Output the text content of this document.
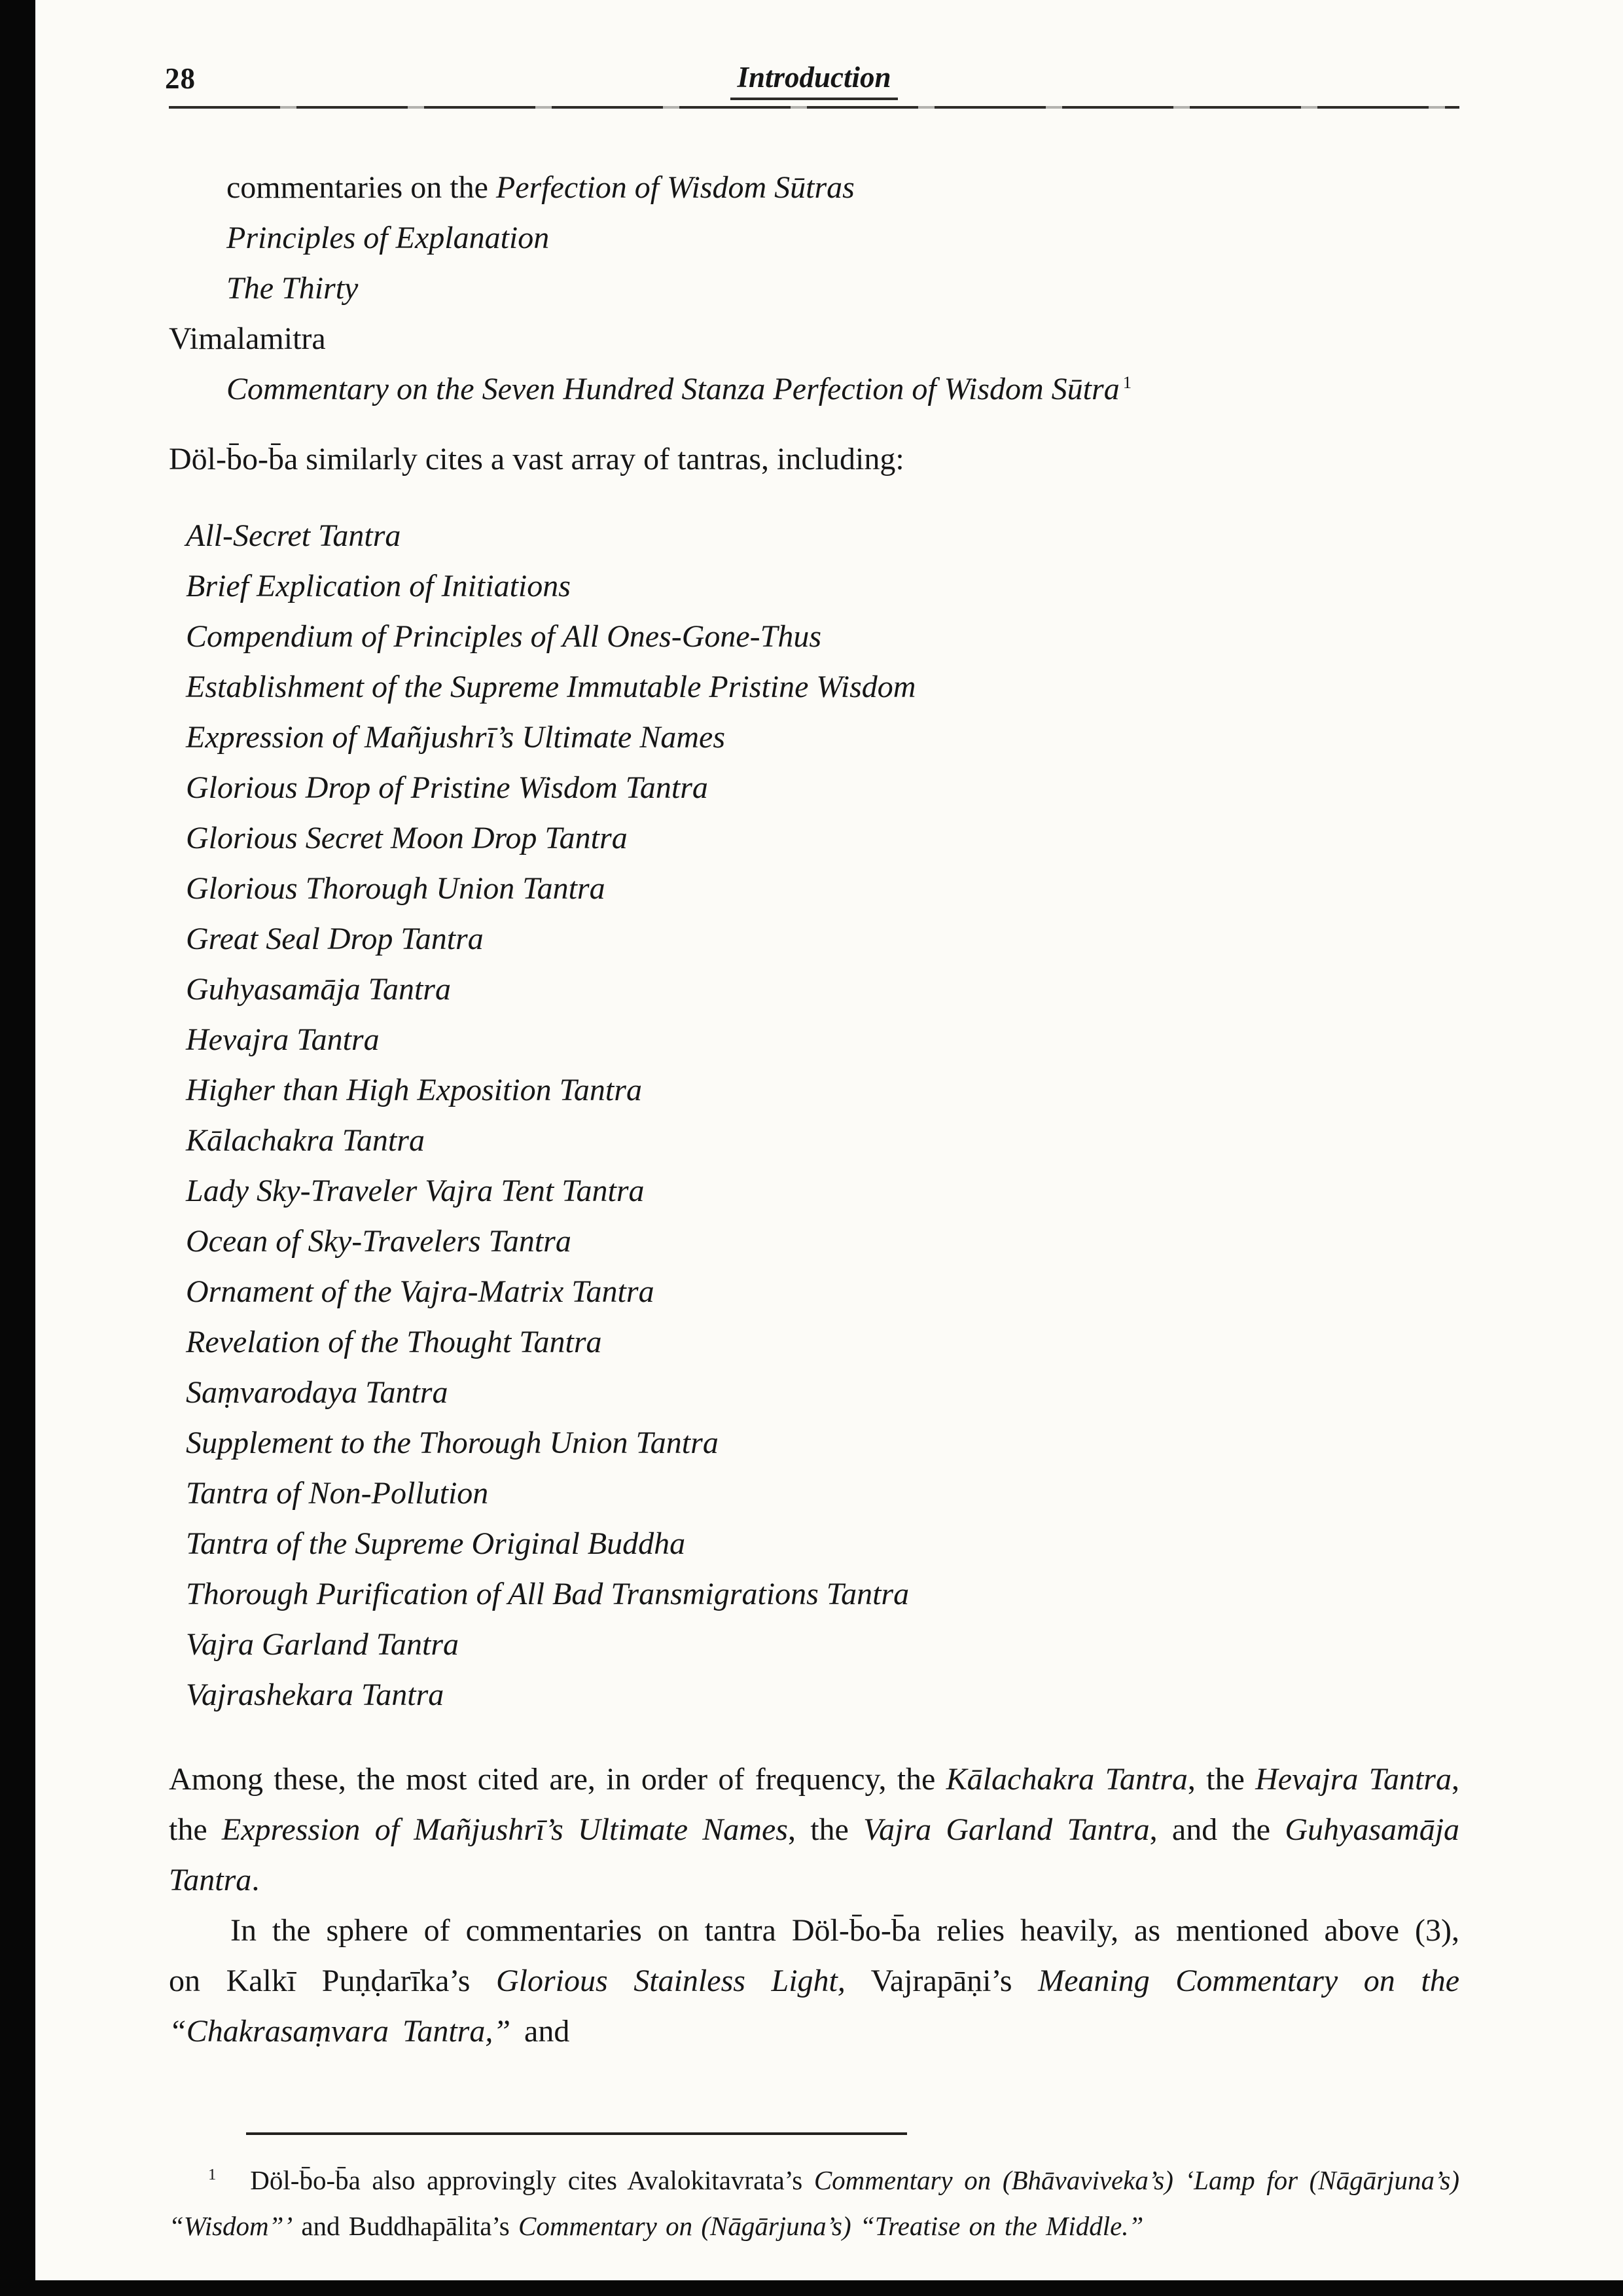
28	Introduction
commentaries on the Perfection of Wisdom Sūtras
Principles of Explanation
The Thirty
Vimalamitra
Commentary on the Seven Hundred Stanza Perfection of Wisdom Sūtra $^1$

Döl-b̄o-b̄a similarly cites a vast array of tantras, including:

All-Secret Tantra
Brief Explication of Initiations
Compendium of Principles of All Ones-Gone-Thus
Establishment of the Supreme Immutable Pristine Wisdom
Expression of Mañjushrī’s Ultimate Names
Glorious Drop of Pristine Wisdom Tantra
Glorious Secret Moon Drop Tantra
Glorious Thorough Union Tantra
Great Seal Drop Tantra
Guhyasamāja Tantra
Hevajra Tantra
Higher than High Exposition Tantra
Kālachakra Tantra
Lady Sky-Traveler Vajra Tent Tantra
Ocean of Sky-Travelers Tantra
Ornament of the Vajra-Matrix Tantra
Revelation of the Thought Tantra
Saṃvarodaya Tantra
Supplement to the Thorough Union Tantra
Tantra of Non-Pollution
Tantra of the Supreme Original Buddha
Thorough Purification of All Bad Transmigrations Tantra
Vajra Garland Tantra
Vajrashekara Tantra

Among these, the most cited are, in order of frequency, the Kālachakra Tantra, the Hevajra Tantra, the Expression of Mañjushrī’s Ultimate Names, the Vajra Garland Tantra, and the Guhyasamāja Tantra.

In the sphere of commentaries on tantra Döl-b̄o-b̄a relies heavily, as mentioned above (3), on Kalkī Puṇḍarīka’s Glorious Stainless Light, Vajrapāṇi’s Meaning Commentary on the “Chakrasaṃvara Tantra,” and

$^1$ Döl-b̄o-b̄a also approvingly cites Avalokitavrata’s Commentary on (Bhāvaviveka’s) ‘Lamp for (Nāgārjuna’s) “Wisdom”’ and Buddhapālita’s Commentary on (Nāgārjuna’s) “Treatise on the Middle.”
